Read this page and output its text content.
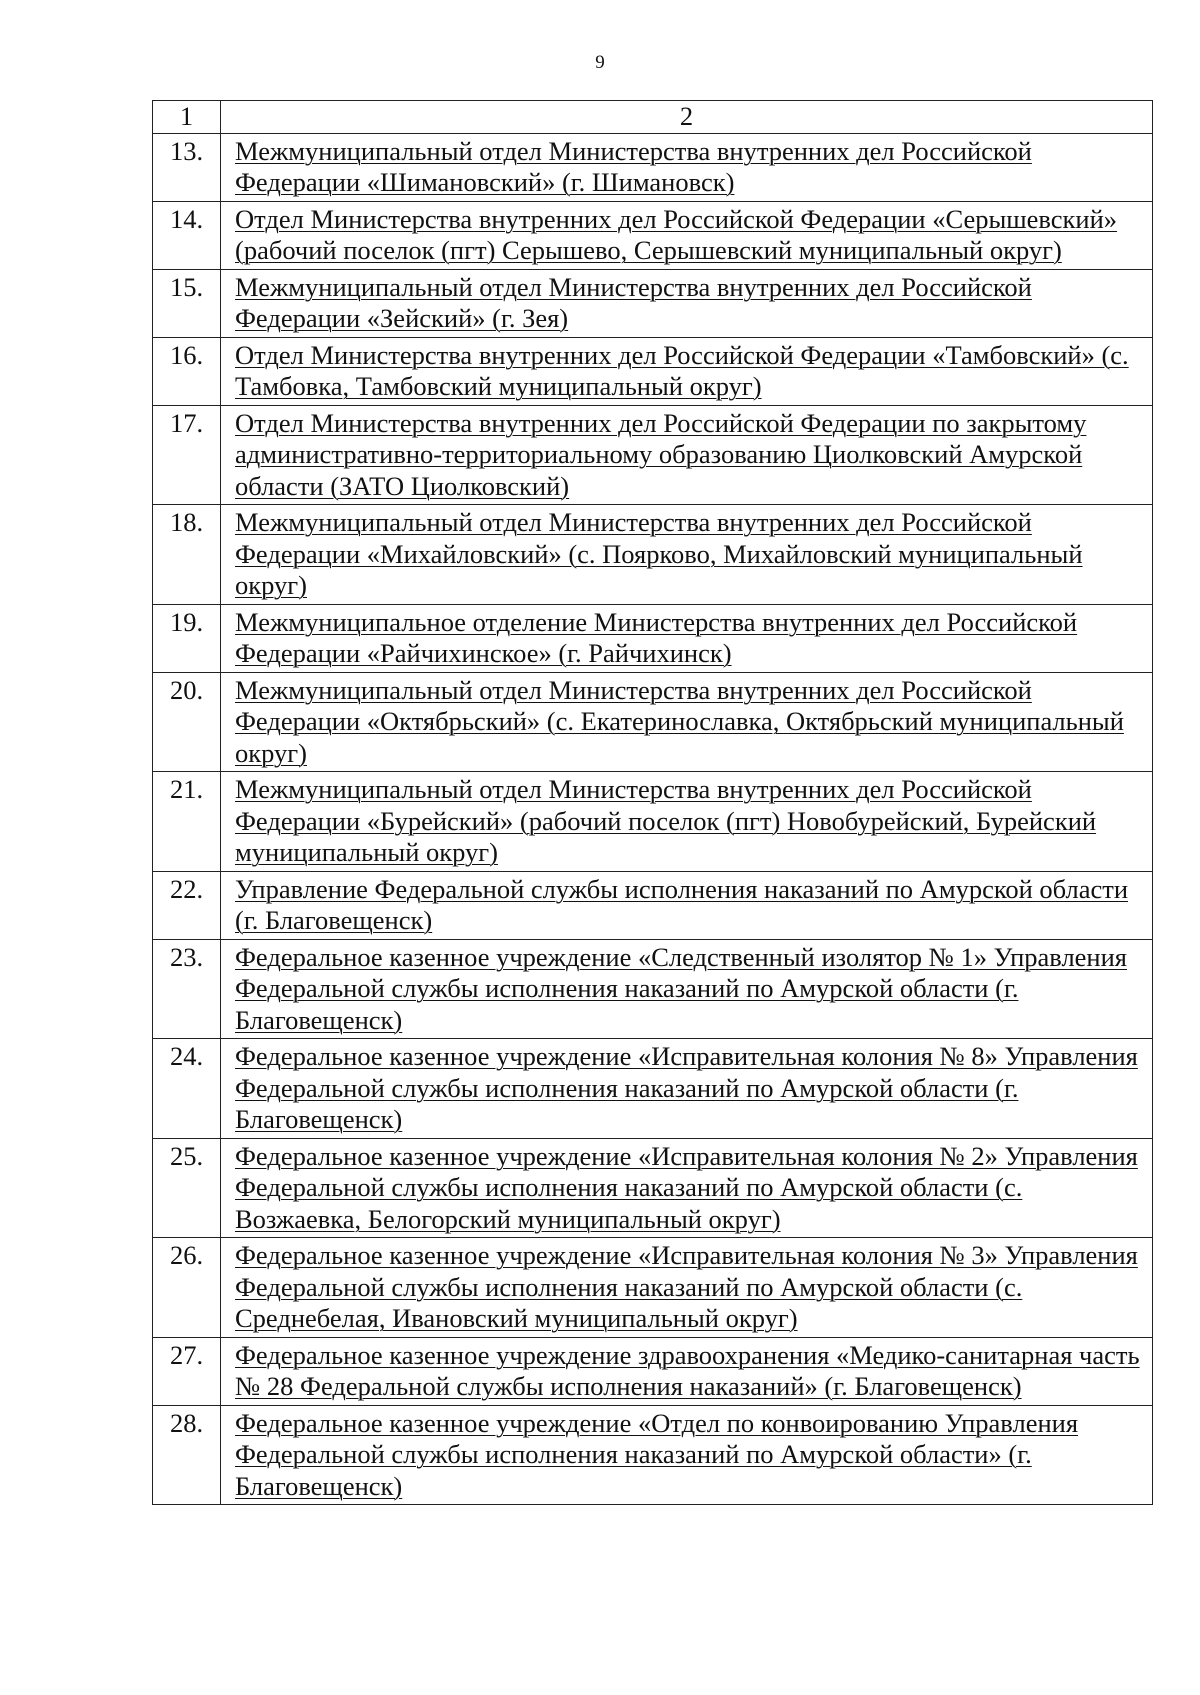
9
1	2
13.	Межмуниципальный отдел Министерства внутренних дел Российской Федерации «Шимановский» (г. Шимановск)
14.	Отдел Министерства внутренних дел Российской Федерации «Серышевский» (рабочий поселок (пгт) Серышево, Серышевский муниципальный округ)
15.	Межмуниципальный отдел Министерства внутренних дел Российской Федерации «Зейский» (г. Зея)
16.	Отдел Министерства внутренних дел Российской Федерации «Тамбовский» (с. Тамбовка, Тамбовский муниципальный округ)
17.	Отдел Министерства внутренних дел Российской Федерации по закрытому административно-территориальному образованию Циолковский Амурской области (ЗАТО Циолковский)
18.	Межмуниципальный отдел Министерства внутренних дел Российской Федерации «Михайловский» (с. Поярково, Михайловский муниципальный округ)
19.	Межмуниципальное отделение Министерства внутренних дел Российской Федерации «Райчихинское» (г. Райчихинск)
20.	Межмуниципальный отдел Министерства внутренних дел Российской Федерации «Октябрьский» (с. Екатеринославка, Октябрьский муниципальный округ)
21.	Межмуниципальный отдел Министерства внутренних дел Российской Федерации «Бурейский» (рабочий поселок (пгт) Новобурейский, Бурейский муниципальный округ)
22.	Управление Федеральной службы исполнения наказаний по Амурской области (г. Благовещенск)
23.	Федеральное казенное учреждение «Следственный изолятор № 1» Управления Федеральной службы исполнения наказаний по Амурской области (г. Благовещенск)
24.	Федеральное казенное учреждение «Исправительная колония № 8» Управления Федеральной службы исполнения наказаний по Амурской области (г. Благовещенск)
25.	Федеральное казенное учреждение «Исправительная колония № 2» Управления Федеральной службы исполнения наказаний по Амурской области (с. Возжаевка, Белогорский муниципальный округ)
26.	Федеральное казенное учреждение «Исправительная колония № 3» Управления Федеральной службы исполнения наказаний по Амурской области (с. Среднебелая, Ивановский муниципальный округ)
27.	Федеральное казенное учреждение здравоохранения «Медико-санитарная часть № 28 Федеральной службы исполнения наказаний» (г. Благовещенск)
28.	Федеральное казенное учреждение «Отдел по конвоированию Управления Федеральной службы исполнения наказаний по Амурской области» (г. Благовещенск)
